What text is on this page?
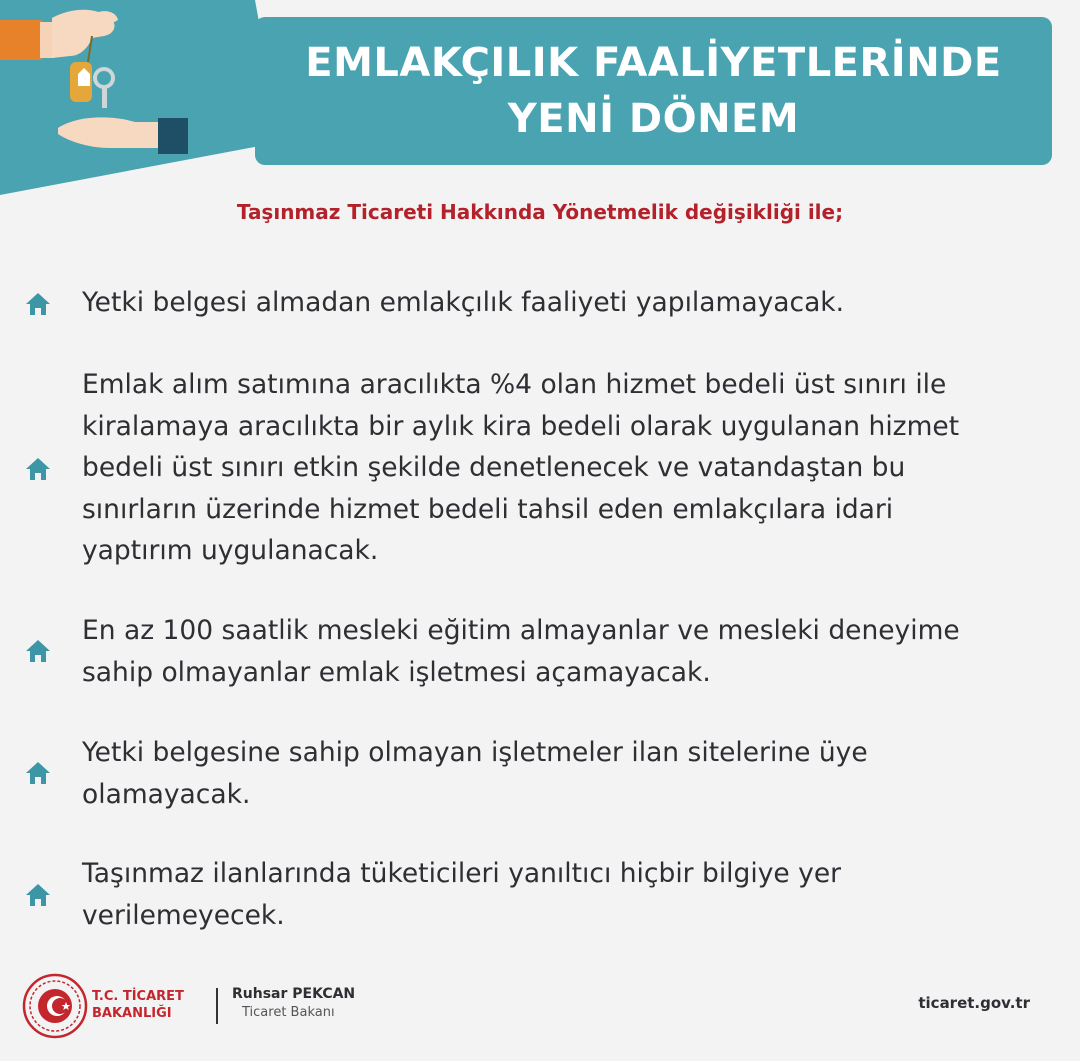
EMLAKÇILIK FAALİYETLERİNDE
YENİ DÖNEM
Taşınmaz Ticareti Hakkında Yönetmelik değişikliği ile;
Yetki belgesi almadan emlakçılık faaliyeti yapılamayacak.
Emlak alım satımına aracılıkta %4 olan hizmet bedeli üst sınırı ile
kiralamaya aracılıkta bir aylık kira bedeli olarak uygulanan hizmet
bedeli üst sınırı etkin şekilde denetlenecek ve vatandaştan bu
sınırların üzerinde hizmet bedeli tahsil eden emlakçılara idari
yaptırım uygulanacak.
En az 100 saatlik mesleki eğitim almayanlar ve mesleki deneyime
sahip olmayanlar emlak işletmesi açamayacak.
Yetki belgesine sahip olmayan işletmeler ilan sitelerine üye
olamayacak.
Taşınmaz ilanlarında tüketicileri yanıltıcı hiçbir bilgiye yer
verilemeyecek.
T.C. TİCARET
BAKANLIĞI
Ruhsar PEKCAN
Ticaret Bakanı
ticaret.gov.tr
